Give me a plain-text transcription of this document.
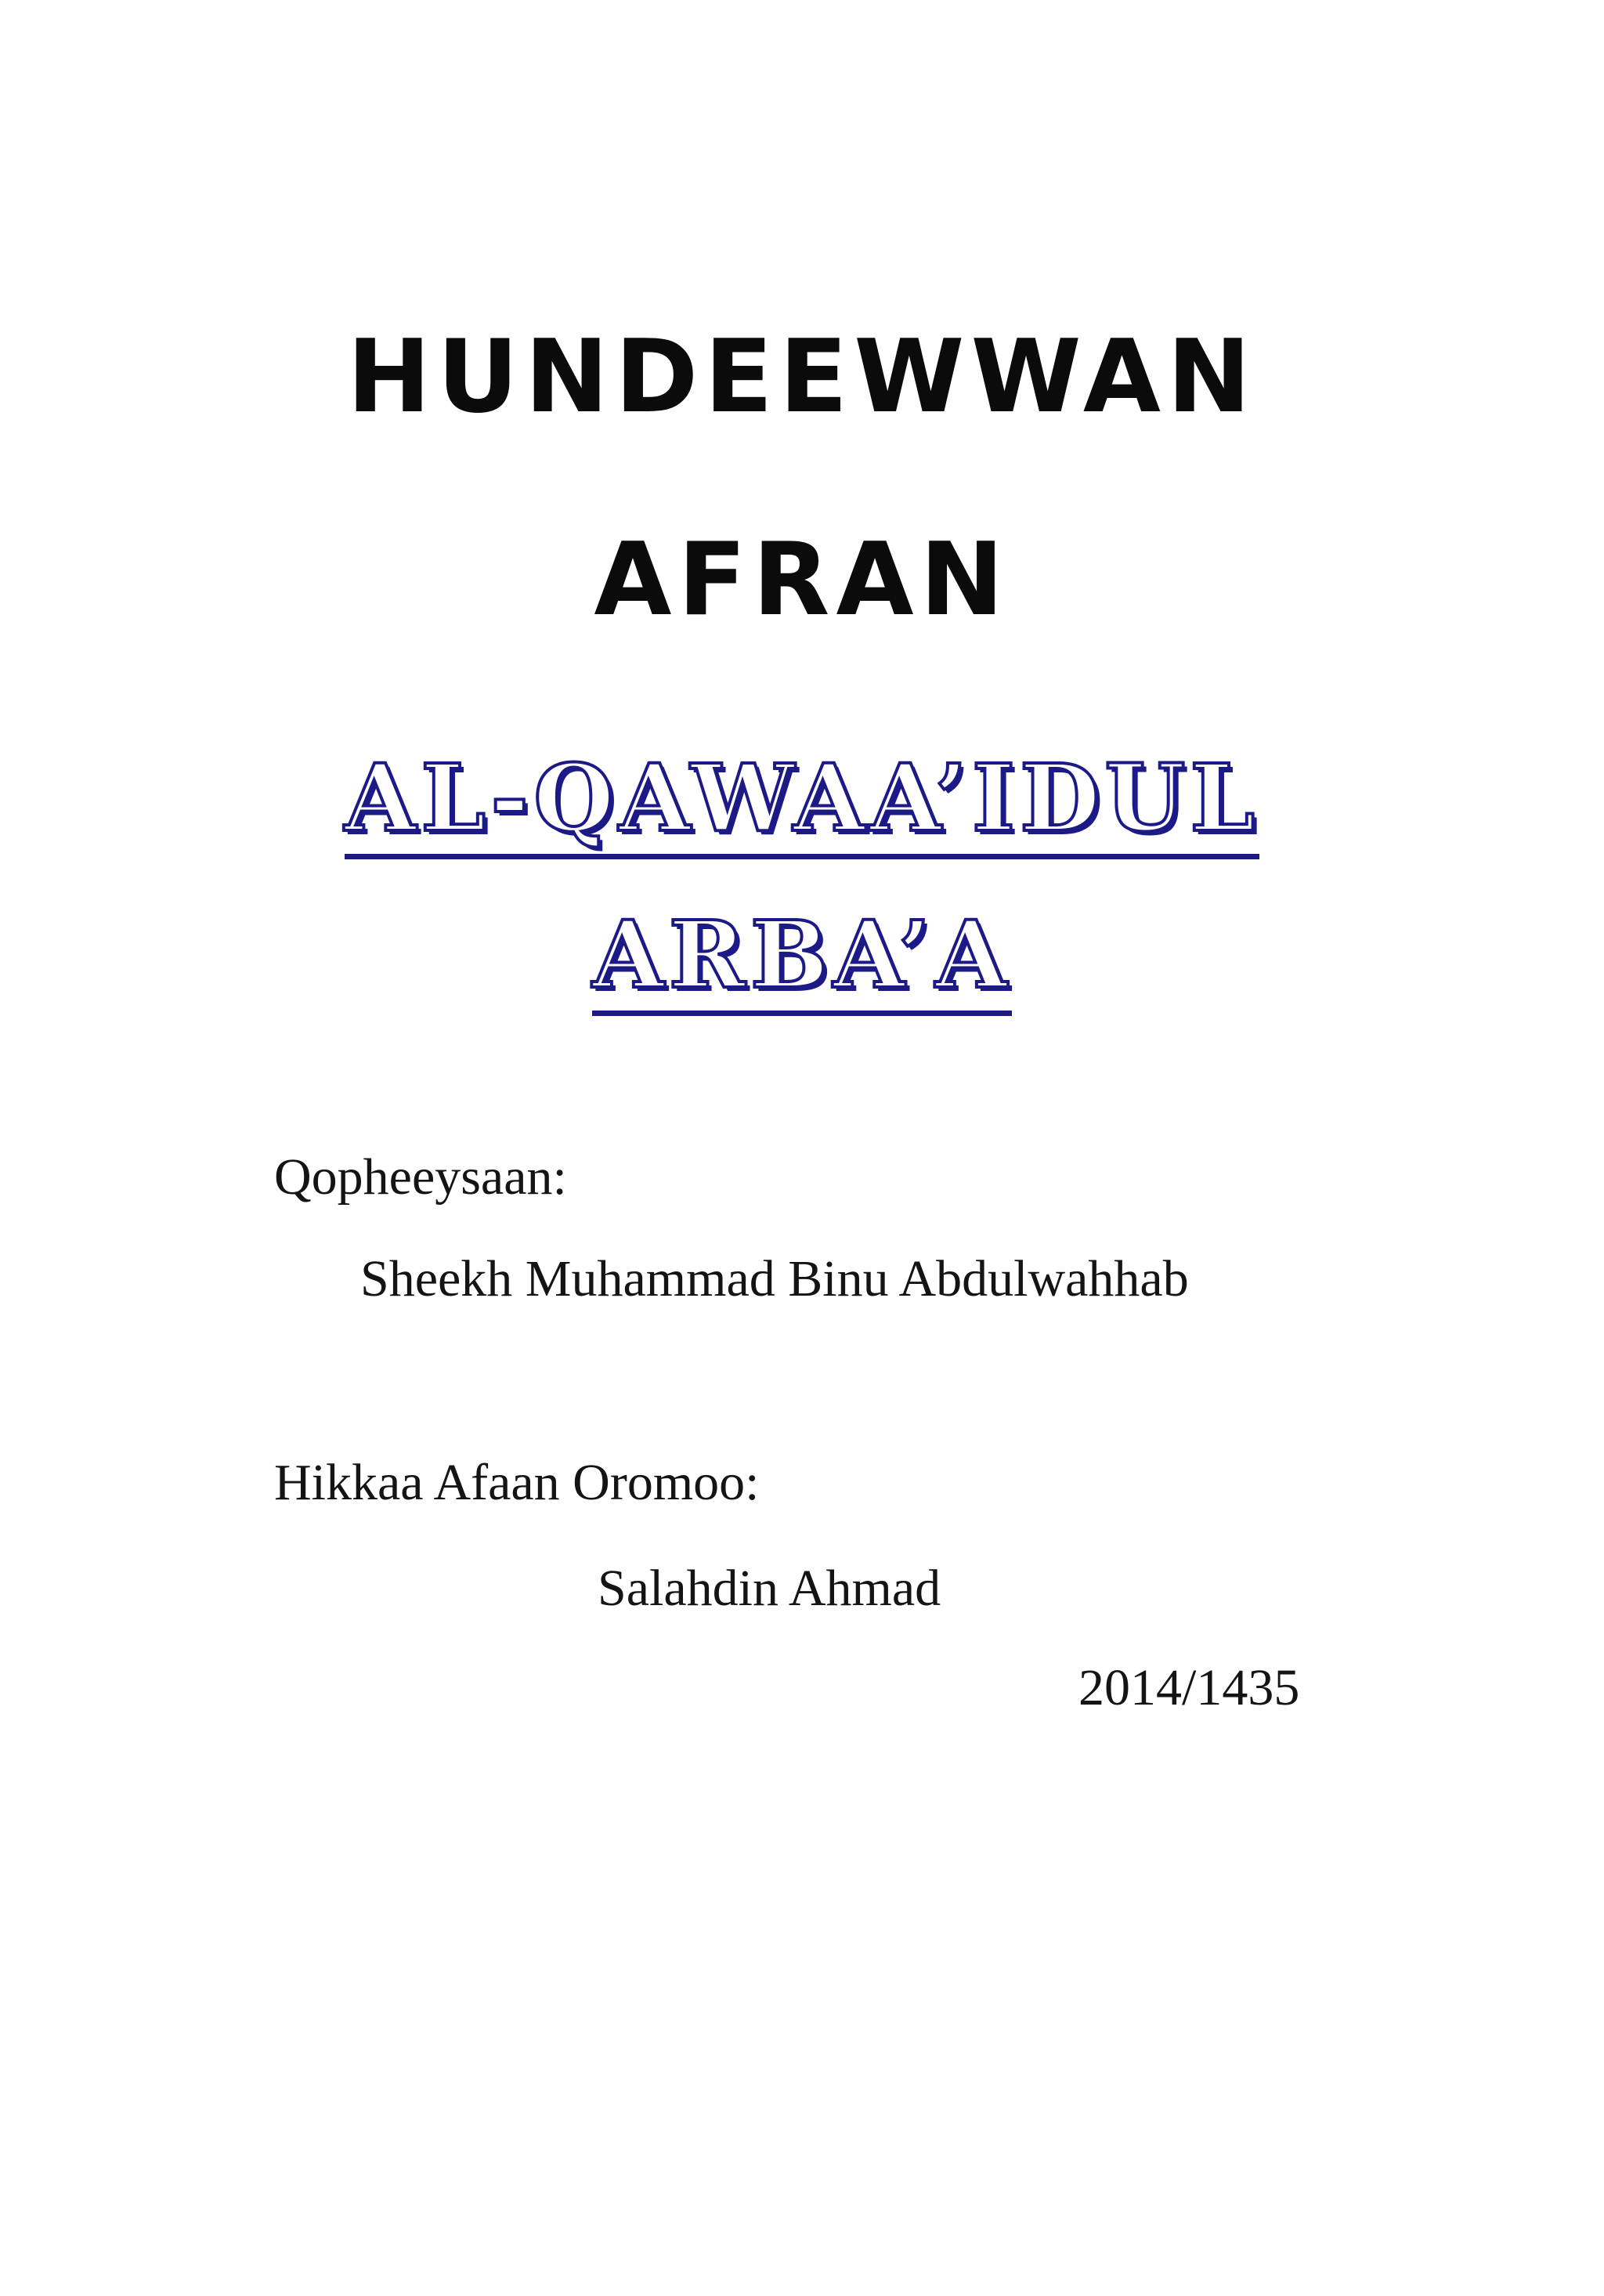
HUNDEEWWAN
AFRAN
AL-QAWAA’IDUL
ARBA’A

Qopheeysaan:

Sheekh Muhammad Binu Abdulwahhab

Hikkaa Afaan Oromoo:

Salahdin Ahmad

2014/1435
